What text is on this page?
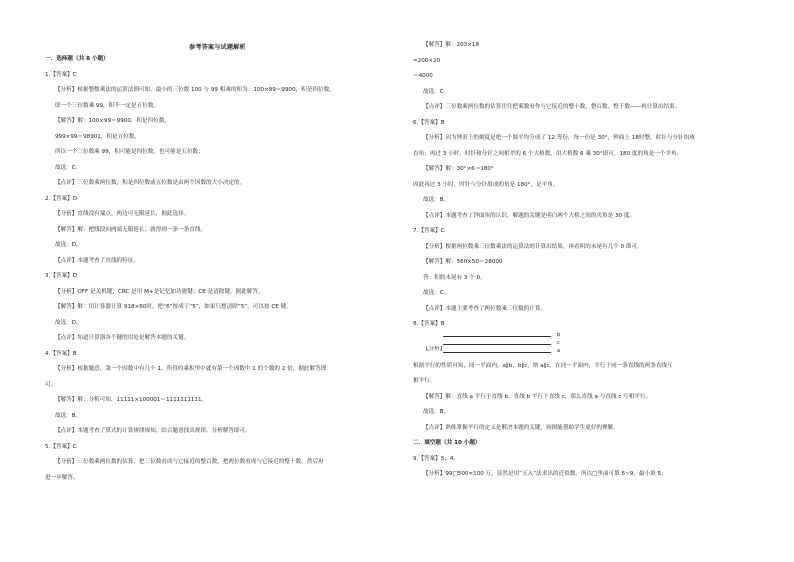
参考答案与试题解析
一．选择题（共 8 小题）
1.【答案】C
【分析】根据整数乘法的运算法则可知，最小的三位数 100 与 99 相乘的积为：100×99＝9900，积是四位数，
即一个三位数乘 99，积不一定是五位数。
【解答】解：100×99＝9900，积是四位数，
999×99＝98901，积是五位数，
所以一个三位数乘 99，积可能是四位数，也可能是五位数；
故选：C．
【点评】三位数乘两位数，积是四位数或五位数是由两个因数的大小决定的。
2.【答案】D
【分析】直线没有端点，两边可无限延长，据此选择。
【解答】解：把线段向两端无限延长，就得到一条一条直线。
故选：D。
【点评】本题考查了直线的特征。
3.【答案】D
【分析】OFF 是关机键；CRC 是用 M+是记忆加功能键；CE 是清除键，据此解答。
【解答】解：用计算器计算 918×60时，把“6”按成了“5”，如果只想清除“5”，可以按 CE 键。
故选：D。
【点评】知道计算器各个键的用处是解答本题的关键。
4.【答案】B
【分析】根据题意，第一个因数中有几个 1，所得的乘积里中就有第一个因数中 1 的个数的 2 倍，据此解答即
可。
【解答】解：分析可知，11111×100001＝1111111111。
故选：B。
【点评】本题考查了算式的计算规律探知，结合题意找出规律，分析解答即可。
5.【答案】C
【分析】三位数乘两位数的估算，把三位数看成与它接近的整百数，把两位数看成与它接近的整十数，然后再
进一步解答。
【解答】解：203×18
≈200×20
＝4000
故选：C。
【点评】三位数乘两位数的估算往往把乘数看作与它接近的整十数、整百数、整千数——再计算出结果。
6.【答案】B
【分析】因为钟表上的刻度是把一个圆平均分成了 12 等份，每一份是 30°，钟面上 18时整，时针与分针组成
直角；再过 3 小时，时针和分针之间相差的 6 个大格数，用大格数 6 乘 30°即可，180 度的角是一个平角。
【解答】解：30°×6＝180°
因此再过 3 小时，时针与分针组成的角是 180°，是平角。
故选：B。
【点评】本题考查了钟面角的认识，解题的关键是明白两个大格之间的夹角是 30 度。
7.【答案】C
【分析】根据两位数乘三位数乘法的运算法则计算出结果，再看积的末尾有几个 0 即可。
【解答】解：560×50＝28000
答：积的末尾有 3 个 0。
故选：C。
【点评】本题主要考查了两位数乘三位数的计算。
8.【答案】B
b
c
a
【分析】
根据平行的性质可知，同一平面内，a∥b，b∥c，则 a∥c，在同一平面内，平行于同一条直线的两条直线互
相平行。
【解答】解：直线 a 平行于直线 b，直线 b 平行于直线 c，那么直线 a 与直线 c 互相平行。
故选：B。
【点评】熟练掌握平行的定义是解决本题的关键，画图能帮助学生更好的理解。
二．填空题（共 10 小题）
9.【答案】5；4。
【分析】99□500≈100 万，显然是用“五入”法求出的近似数，所以□里面可填 5~9，最小填 5；
